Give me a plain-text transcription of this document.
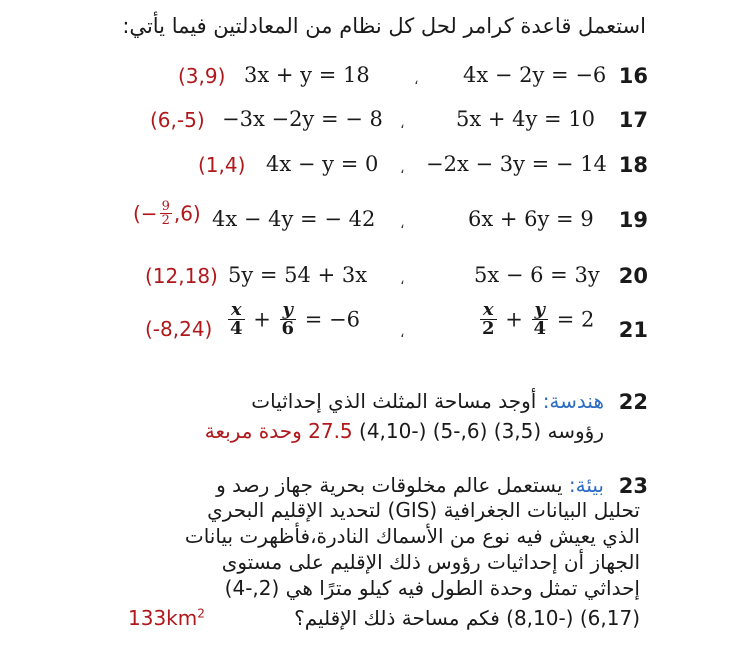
استعمل قاعدة كرامر لحل كل نظام من المعادلتين فيما يأتي:
16
4x − 2y = −6
،
3x + y = 18
(3,9)
17
5x + 4y = 10
،
−3x −2y = − 8
(6,-5)
18
−2x − 3y = − 14
،
4x − y = 0
(1,4)
19
6x + 6y = 9
،
4x − 4y = − 42
(− $\frac{9}{2} ,6$)
20
5x − 6 = 3y
،
5y = 54 + 3x
(12,18)
21
$\frac{x}{2} + \frac{y}{4} = 2$
،
$\frac{x}{4} + \frac{y}{6} = -6$
(-8,24)
22
هندسة: أوجد مساحة المثلث الذي إحداثيات
رؤوسه (3,5) (6,-5) (-4,10) 27.5 وحدة مربعة
23
بيئة: يستعمل عالم مخلوقات بحرية جهاز رصد و
تحليل البيانات الجغرافية (GIS) لتحديد الإقليم البحري
الذي يعيش فيه نوع من الأسماك النادرة،فأظهرت بيانات
الجهاز أن إحداثيات رؤوس ذلك الإقليم على مستوى
إحداثي تمثل وحدة الطول فيه كيلو مترًا هي (2,-4)
(6,17) (-8,10) فكم مساحة ذلك الإقليم؟
$133km^2$
